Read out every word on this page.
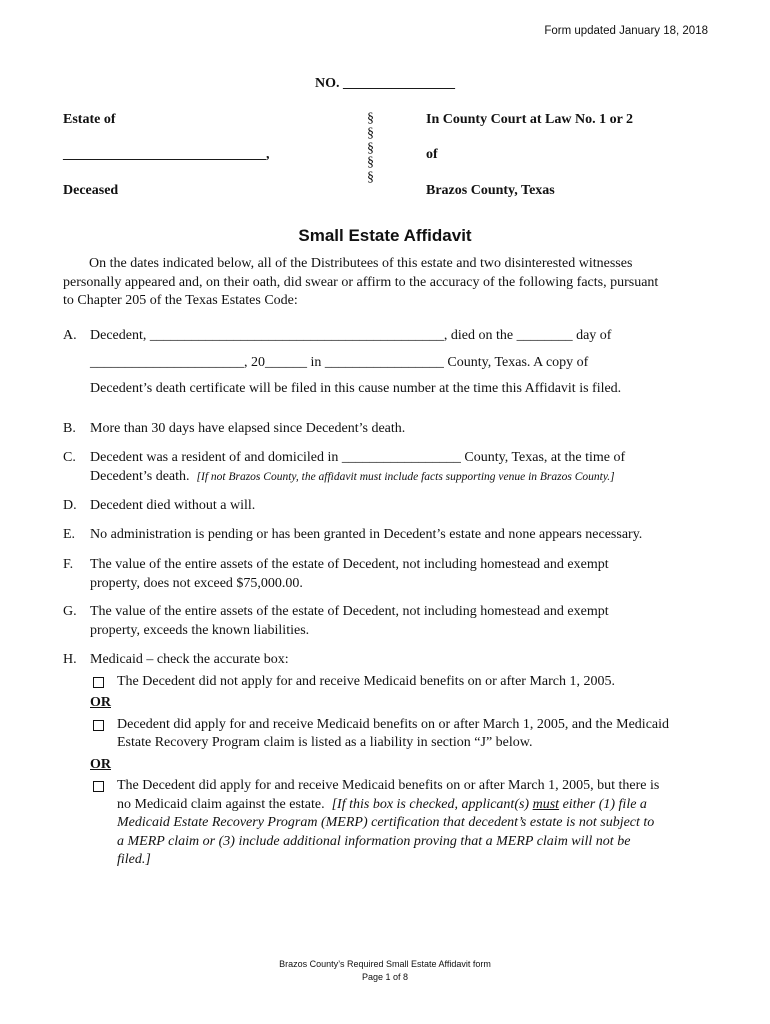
Form updated January 18, 2018
NO. ________________
Estate of
_____________________________,
Deceased
§
§
§
§
§
In County Court at Law No. 1 or 2
of
Brazos County, Texas
Small Estate Affidavit
On the dates indicated below, all of the Distributees of this estate and two disinterested witnesses
personally appeared and, on their oath, did swear or affirm to the accuracy of the following facts, pursuant
to Chapter 205 of the Texas Estates Code:
A. Decedent, __________________________________________, died on the ________ day of
______________________, 20______ in _________________ County, Texas. A copy of
Decedent’s death certificate will be filed in this cause number at the time this Affidavit is filed.
B. More than 30 days have elapsed since Decedent’s death.
C. Decedent was a resident of and domiciled in _________________ County, Texas, at the time of
Decedent’s death. [If not Brazos County, the affidavit must include facts supporting venue in Brazos County.]
D. Decedent died without a will.
E. No administration is pending or has been granted in Decedent’s estate and none appears necessary.
F. The value of the entire assets of the estate of Decedent, not including homestead and exempt
property, does not exceed $75,000.00.
G. The value of the entire assets of the estate of Decedent, not including homestead and exempt
property, exceeds the known liabilities.
H. Medicaid – check the accurate box:
The Decedent did not apply for and receive Medicaid benefits on or after March 1, 2005.
OR
Decedent did apply for and receive Medicaid benefits on or after March 1, 2005, and the Medicaid
Estate Recovery Program claim is listed as a liability in section “J” below.
OR
The Decedent did apply for and receive Medicaid benefits on or after March 1, 2005, but there is
no Medicaid claim against the estate. [If this box is checked, applicant(s) must either (1) file a
Medicaid Estate Recovery Program (MERP) certification that decedent’s estate is not subject to
a MERP claim or (3) include additional information proving that a MERP claim will not be
filed.]
Brazos County’s Required Small Estate Affidavit form
Page 1 of 8
